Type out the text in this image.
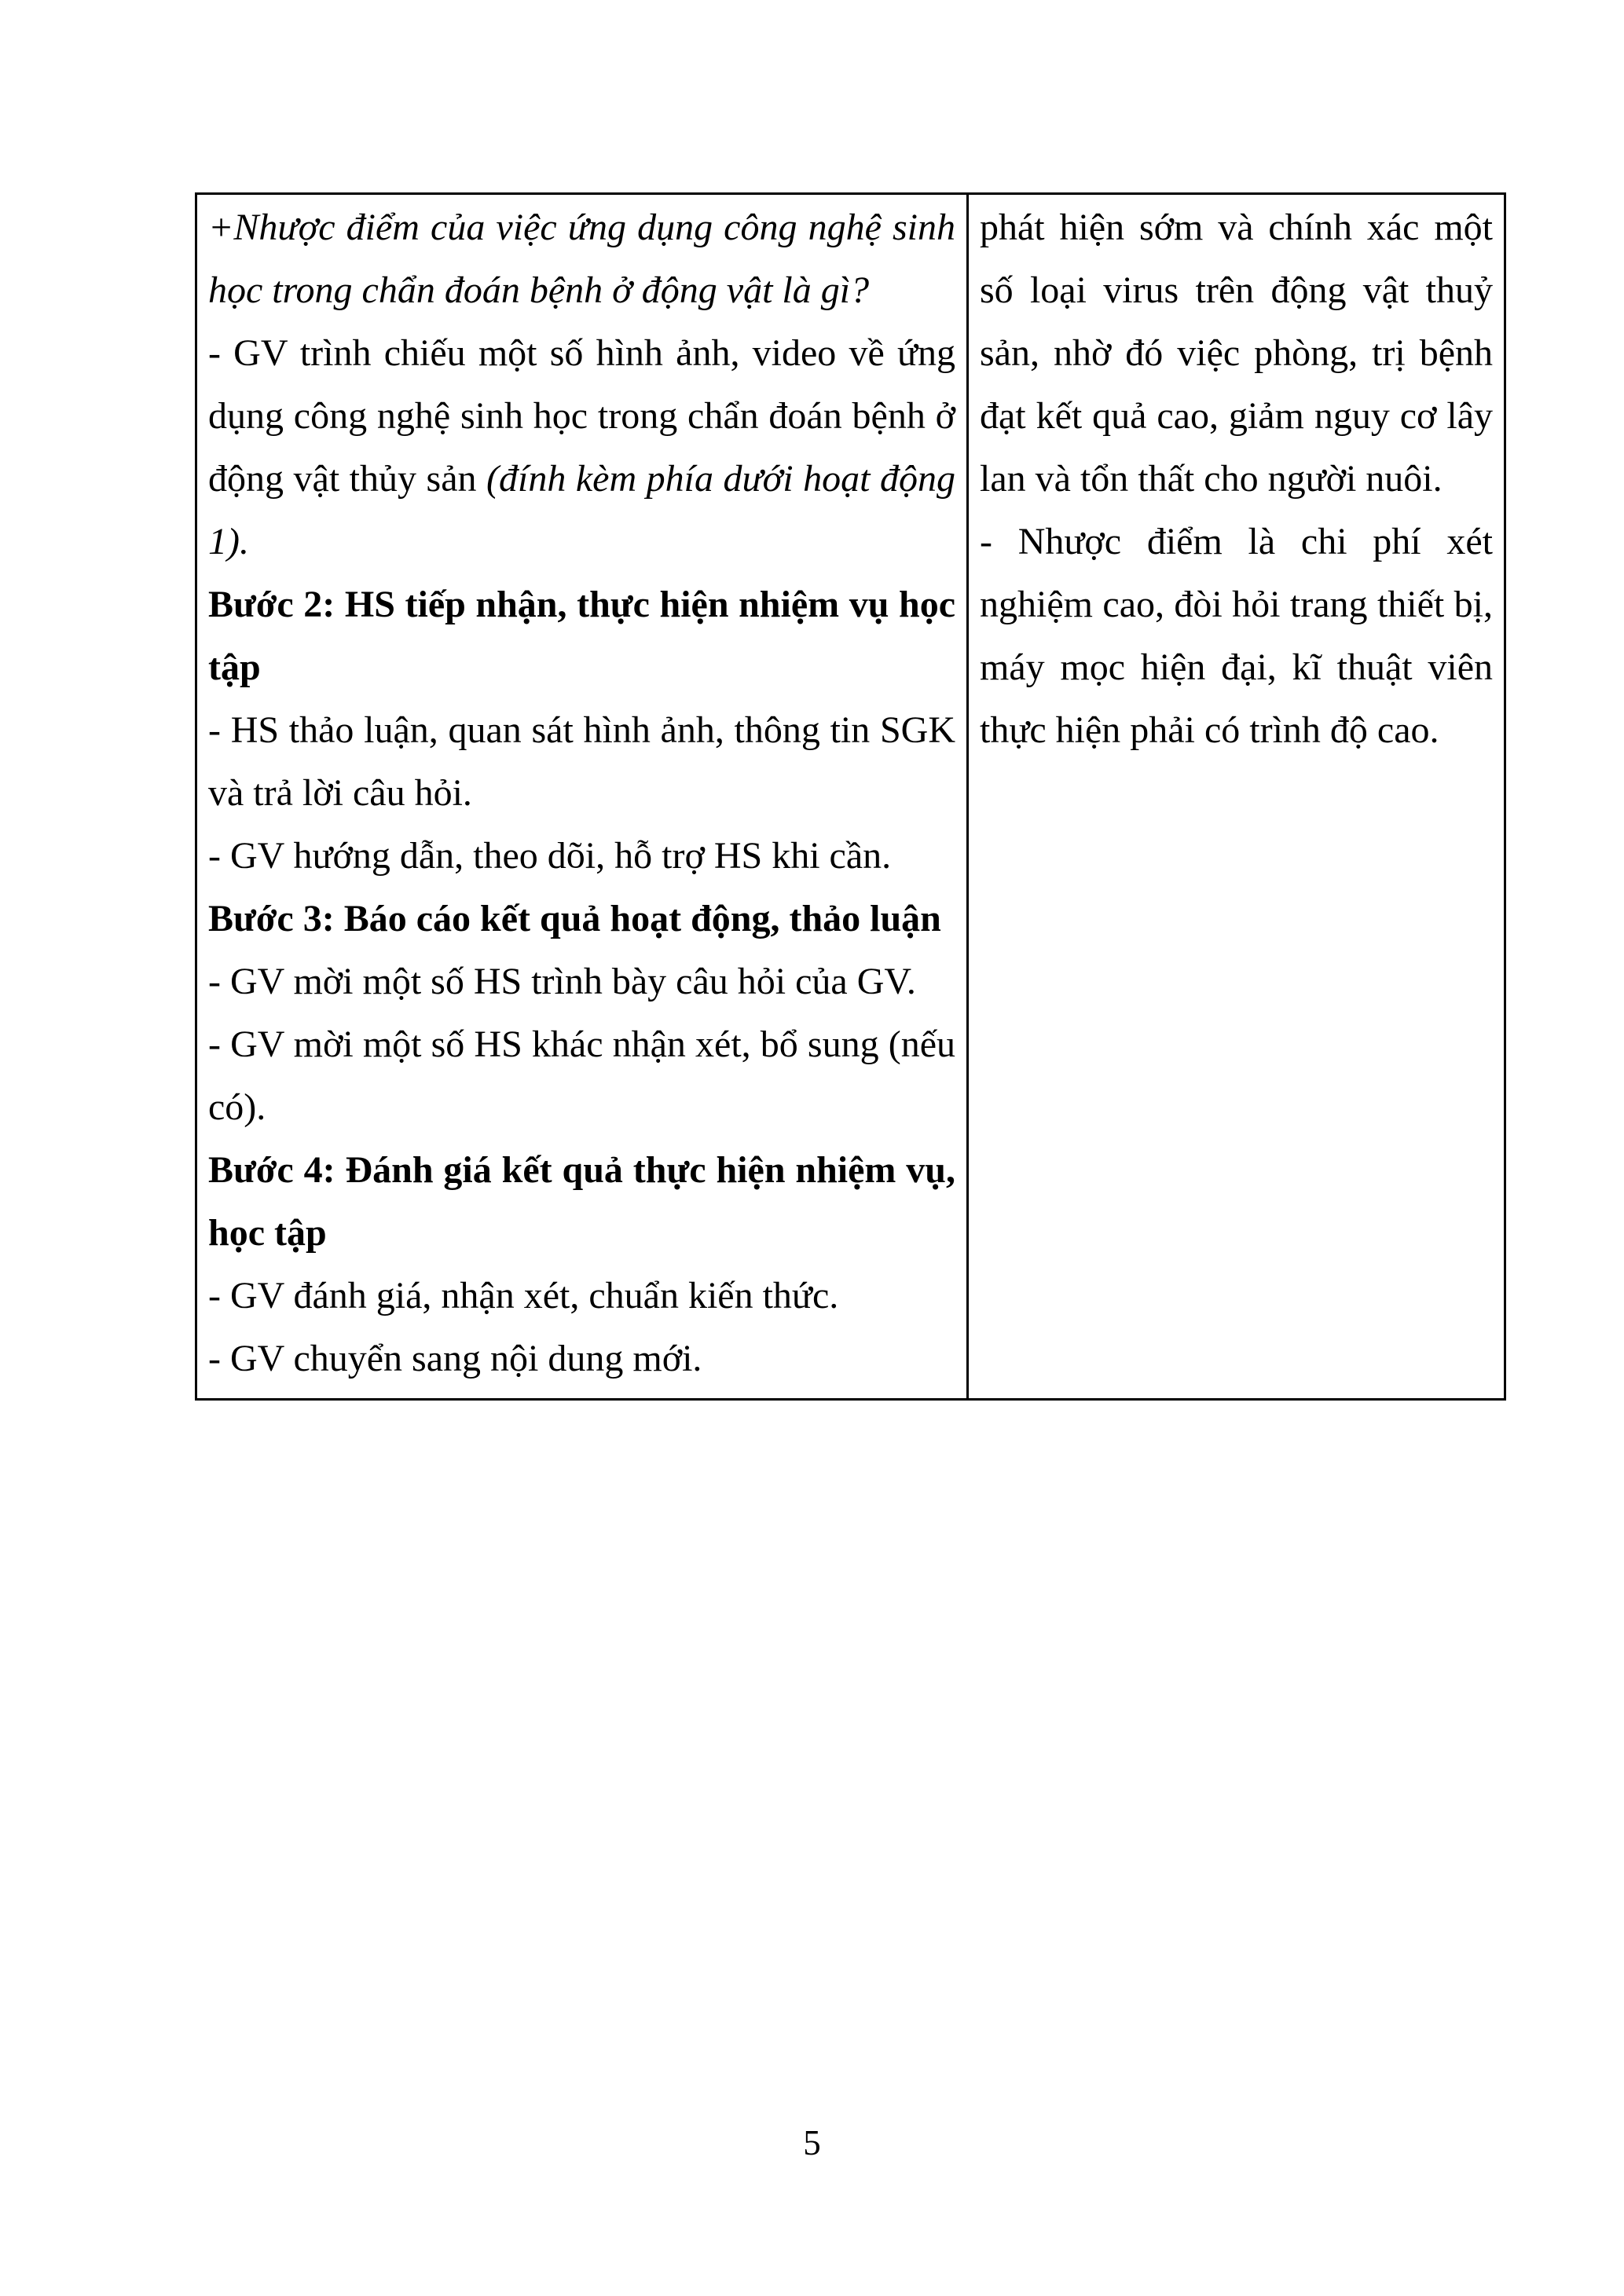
+Nhược điểm của việc ứng dụng công nghệ sinh học trong chẩn đoán bệnh ở động vật là gì?

- GV trình chiếu một số hình ảnh, video về ứng dụng công nghệ sinh học trong chẩn đoán bệnh ở động vật thủy sản (đính kèm phía dưới hoạt động 1).

Bước 2: HS tiếp nhận, thực hiện nhiệm vụ học tập

- HS thảo luận, quan sát hình ảnh, thông tin SGK và trả lời câu hỏi.

- GV hướng dẫn, theo dõi, hỗ trợ HS khi cần.

Bước 3: Báo cáo kết quả hoạt động, thảo luận

- GV mời một số HS trình bày câu hỏi của GV.

- GV mời một số HS khác nhận xét, bổ sung (nếu có).

Bước 4: Đánh giá kết quả thực hiện nhiệm vụ, học tập

- GV đánh giá, nhận xét, chuẩn kiến thức.

- GV chuyển sang nội dung mới.

phát hiện sớm và chính xác một số loại virus trên động vật thuỷ sản, nhờ đó việc phòng, trị bệnh đạt kết quả cao, giảm nguy cơ lây lan và tổn thất cho người nuôi.

- Nhược điểm là chi phí xét nghiệm cao, đòi hỏi trang thiết bị, máy mọc hiện đại, kĩ thuật viên thực hiện phải có trình độ cao.

5
